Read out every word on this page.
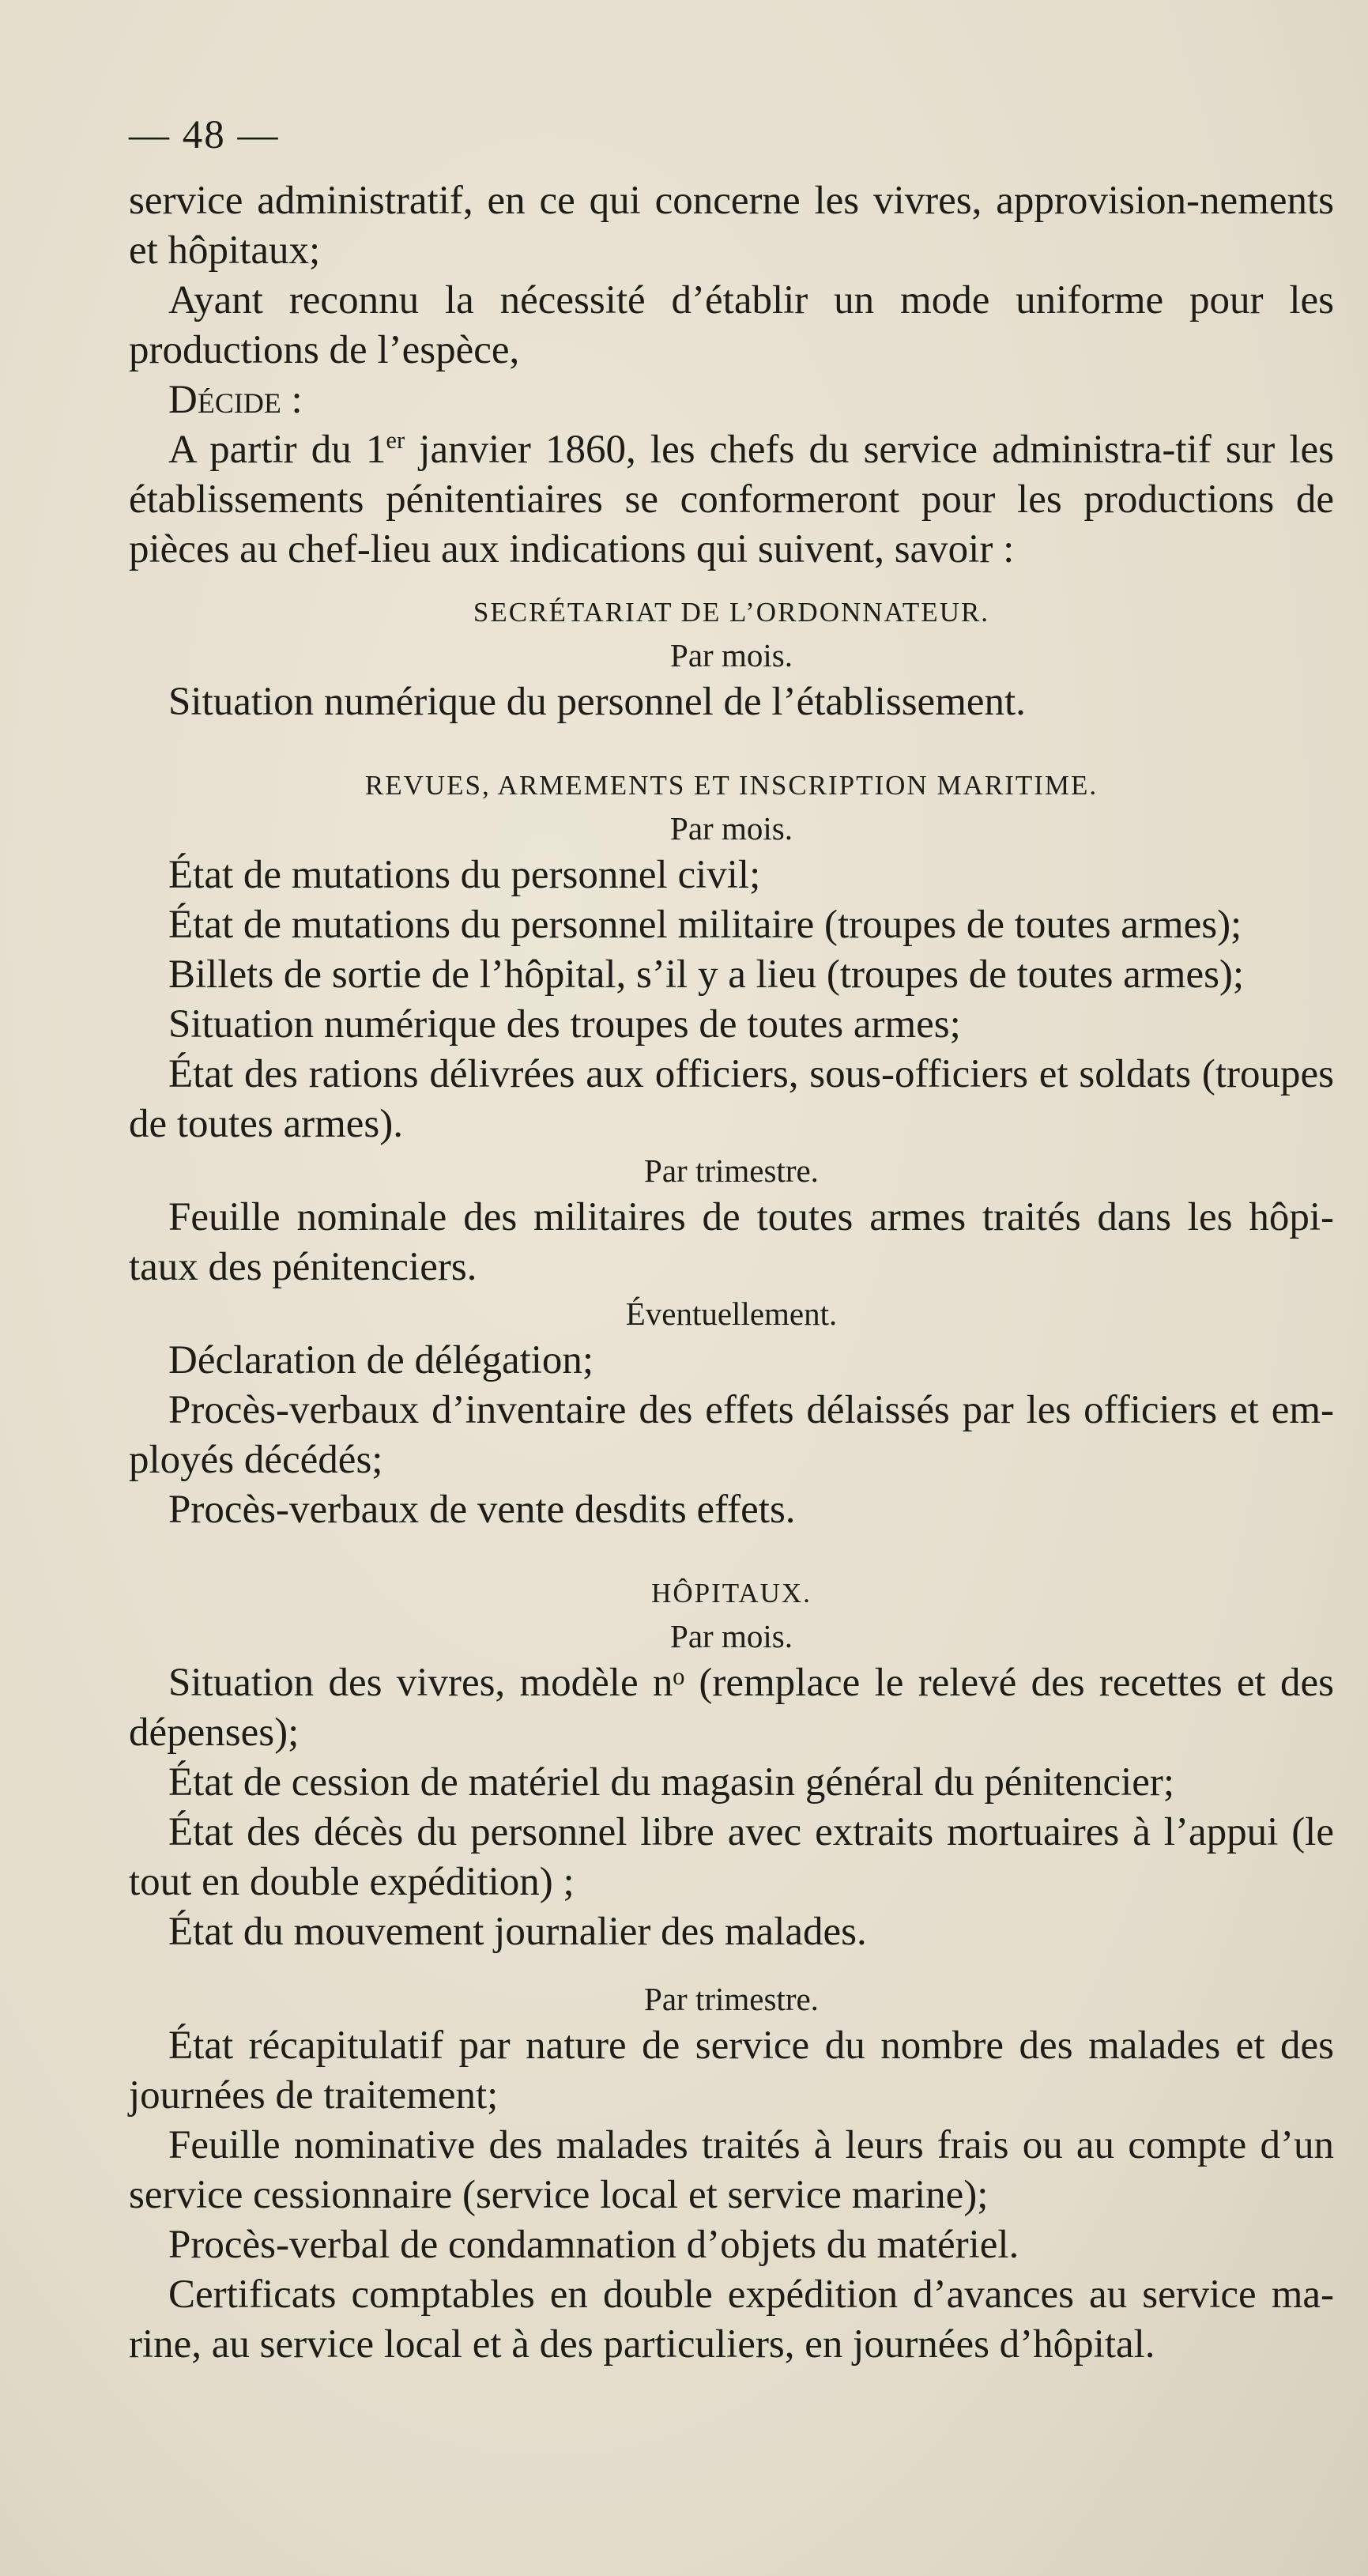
— 48 —

service administratif, en ce qui concerne les vivres, approvision-nements et hôpitaux;

Ayant reconnu la nécessité d’établir un mode uniforme pour les productions de l’espèce,

Décide :

A partir du 1er janvier 1860, les chefs du service administra-tif sur les établissements pénitentiaires se conformeront pour les productions de pièces au chef-lieu aux indications qui suivent, savoir :

SECRÉTARIAT DE L’ORDONNATEUR.

Par mois.

Situation numérique du personnel de l’établissement.

REVUES, ARMEMENTS ET INSCRIPTION MARITIME.

Par mois.

État de mutations du personnel civil;

État de mutations du personnel militaire (troupes de toutes armes);

Billets de sortie de l’hôpital, s’il y a lieu (troupes de toutes armes);

Situation numérique des troupes de toutes armes;

État des rations délivrées aux officiers, sous-officiers et soldats (troupes de toutes armes).

Par trimestre.

Feuille nominale des militaires de toutes armes traités dans les hôpi-taux des pénitenciers.

Éventuellement.

Déclaration de délégation;

Procès-verbaux d’inventaire des effets délaissés par les officiers et em-ployés décédés;

Procès-verbaux de vente desdits effets.

HÔPITAUX.

Par mois.

Situation des vivres, modèle nᵒ (remplace le relevé des recettes et des dépenses);

État de cession de matériel du magasin général du pénitencier;

État des décès du personnel libre avec extraits mortuaires à l’appui (le tout en double expédition) ;

État du mouvement journalier des malades.

Par trimestre.

État récapitulatif par nature de service du nombre des malades et des journées de traitement;

Feuille nominative des malades traités à leurs frais ou au compte d’un service cessionnaire (service local et service marine);

Procès-verbal de condamnation d’objets du matériel.

Certificats comptables en double expédition d’avances au service ma-rine, au service local et à des particuliers, en journées d’hôpital.
